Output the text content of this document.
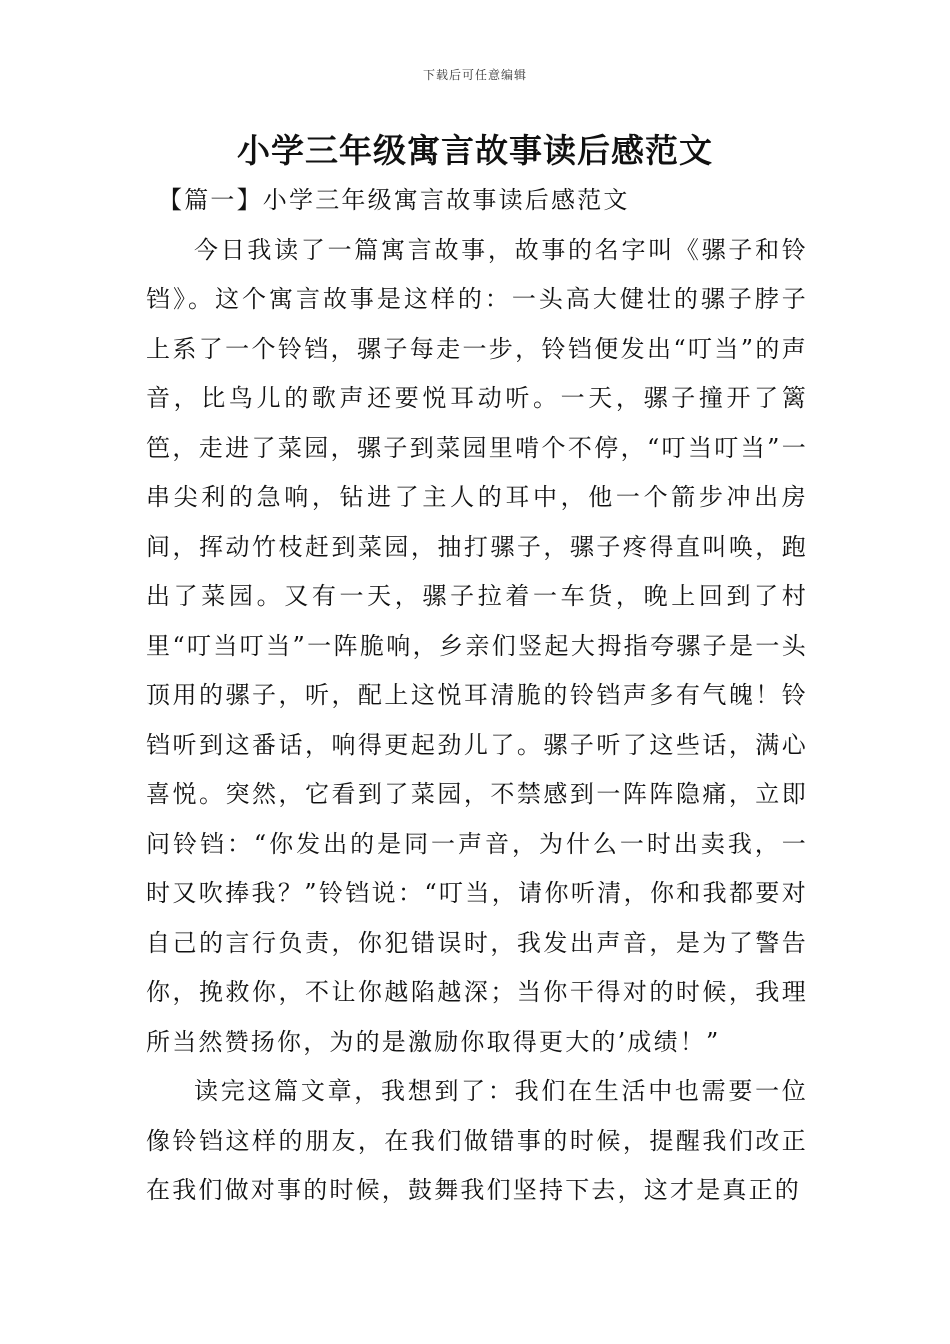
下载后可任意编辑
小学三年级寓言故事读后感范文

【篇一】小学三年级寓言故事读后感范文

今日我读了一篇寓言故事，故事的名字叫《骡子和铃铛》。这个寓言故事是这样的：一头高大健壮的骡子脖子上系了一个铃铛，骡子每走一步，铃铛便发出“叮当”的声音，比鸟儿的歌声还要悦耳动听。一天，骡子撞开了篱笆，走进了菜园，骡子到菜园里啃个不停，“叮当叮当”一串尖利的急响，钻进了主人的耳中，他一个箭步冲出房间，挥动竹枝赶到菜园，抽打骡子，骡子疼得直叫唤，跑出了菜园。又有一天，骡子拉着一车货，晚上回到了村里“叮当叮当”一阵脆响，乡亲们竖起大拇指夸骡子是一头顶用的骡子，听，配上这悦耳清脆的铃铛声多有气魄！铃铛听到这番话，响得更起劲儿了。骡子听了这些话，满心喜悦。突然，它看到了菜园，不禁感到一阵阵隐痛，立即问铃铛：“你发出的是同一声音，为什么一时出卖我，一时又吹捧我？”铃铛说：“叮当，请你听清，你和我都要对自己的言行负责，你犯错误时，我发出声音，是为了警告你，挽救你，不让你越陷越深；当你干得对的时候，我理所当然赞扬你，为的是激励你取得更大的’成绩！”

读完这篇文章，我想到了：我们在生活中也需要一位像铃铛这样的朋友，在我们做错事的时候，提醒我们改正在我们做对事的时候，鼓舞我们坚持下去，这才是真正的
